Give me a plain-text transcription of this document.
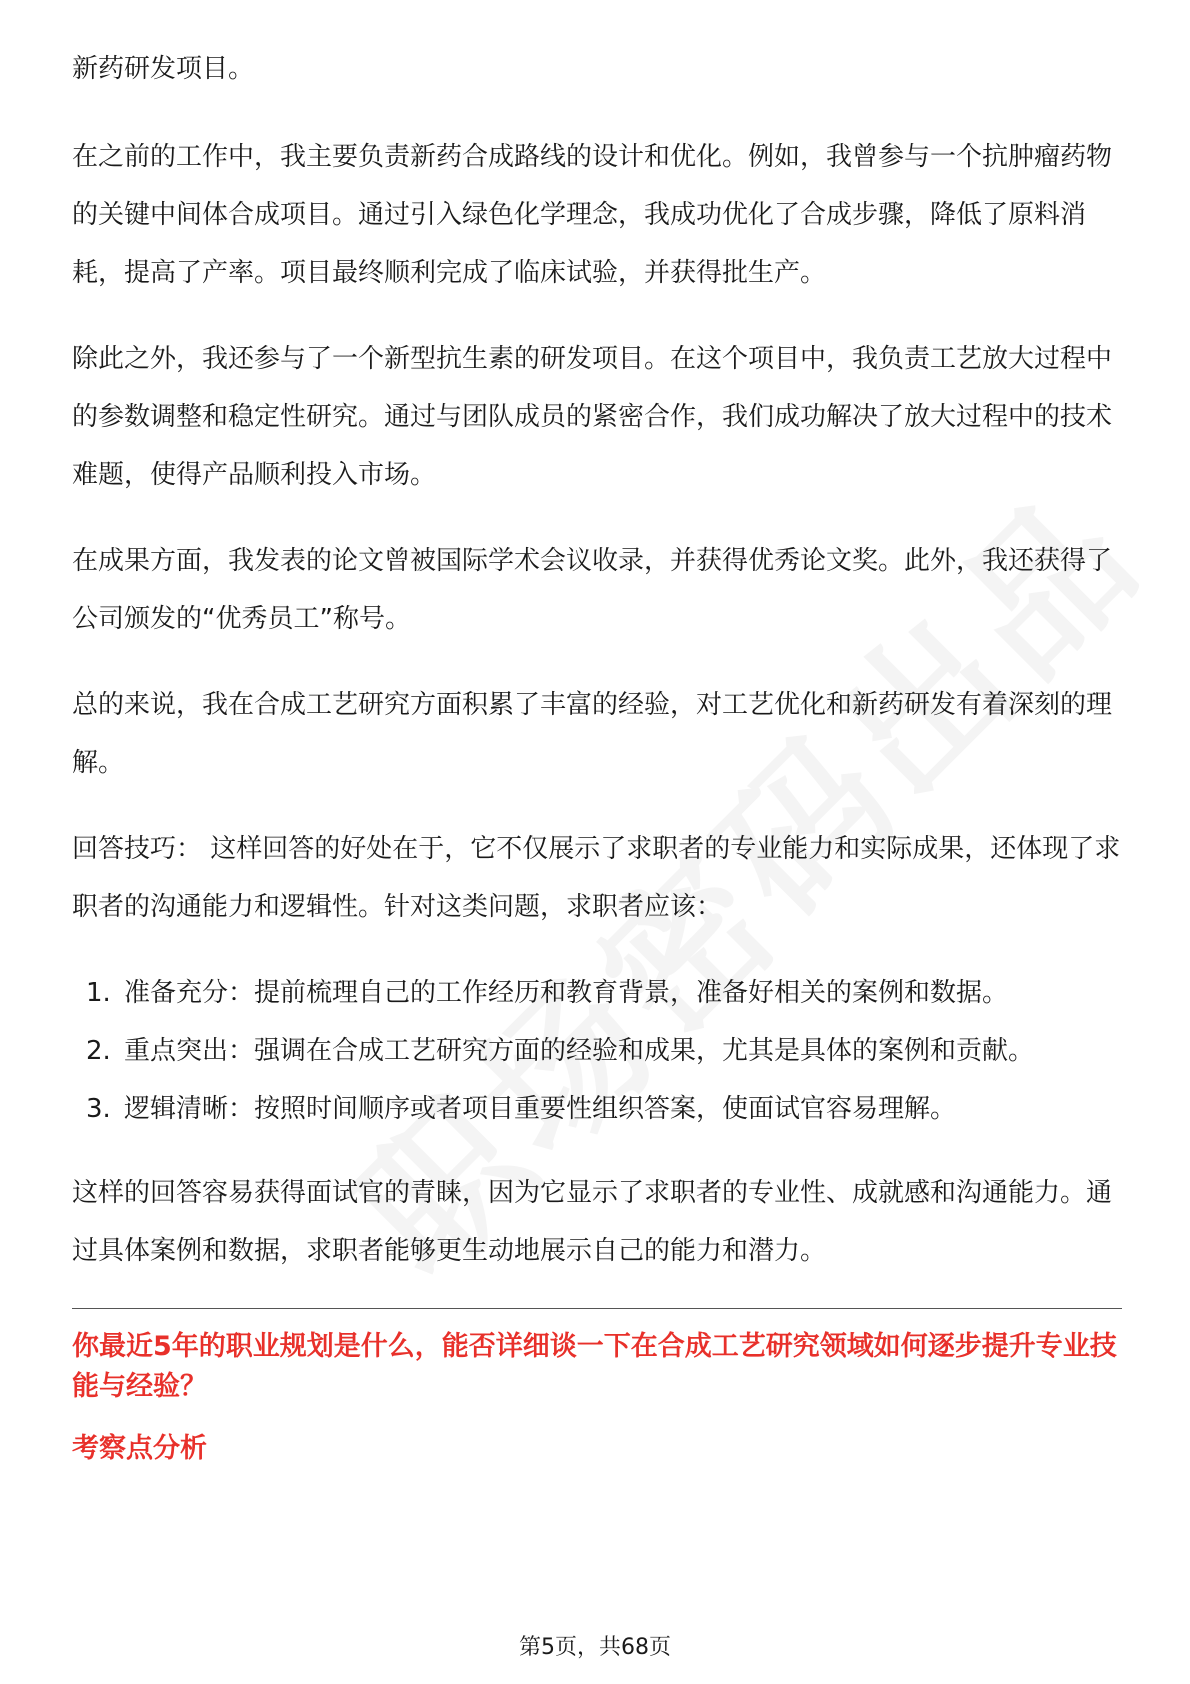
新药研发项目。

在之前的工作中，我主要负责新药合成路线的设计和优化。例如，我曾参与一个抗肿瘤药物的关键中间体合成项目。通过引入绿色化学理念，我成功优化了合成步骤，降低了原料消耗，提高了产率。项目最终顺利完成了临床试验，并获得批生产。

除此之外，我还参与了一个新型抗生素的研发项目。在这个项目中，我负责工艺放大过程中的参数调整和稳定性研究。通过与团队成员的紧密合作，我们成功解决了放大过程中的技术难题，使得产品顺利投入市场。

在成果方面，我发表的论文曾被国际学术会议收录，并获得优秀论文奖。此外，我还获得了公司颁发的“优秀员工”称号。

总的来说，我在合成工艺研究方面积累了丰富的经验，对工艺优化和新药研发有着深刻的理解。

回答技巧： 这样回答的好处在于，它不仅展示了求职者的专业能力和实际成果，还体现了求职者的沟通能力和逻辑性。针对这类问题，求职者应该：

1. 准备充分：提前梳理自己的工作经历和教育背景，准备好相关的案例和数据。
2. 重点突出：强调在合成工艺研究方面的经验和成果，尤其是具体的案例和贡献。
3. 逻辑清晰：按照时间顺序或者项目重要性组织答案，使面试官容易理解。

这样的回答容易获得面试官的青睐，因为它显示了求职者的专业性、成就感和沟通能力。通过具体案例和数据，求职者能够更生动地展示自己的能力和潜力。

你最近5年的职业规划是什么，能否详细谈一下在合成工艺研究领域如何逐步提升专业技能与经验？

考察点分析

第5页，共68页
